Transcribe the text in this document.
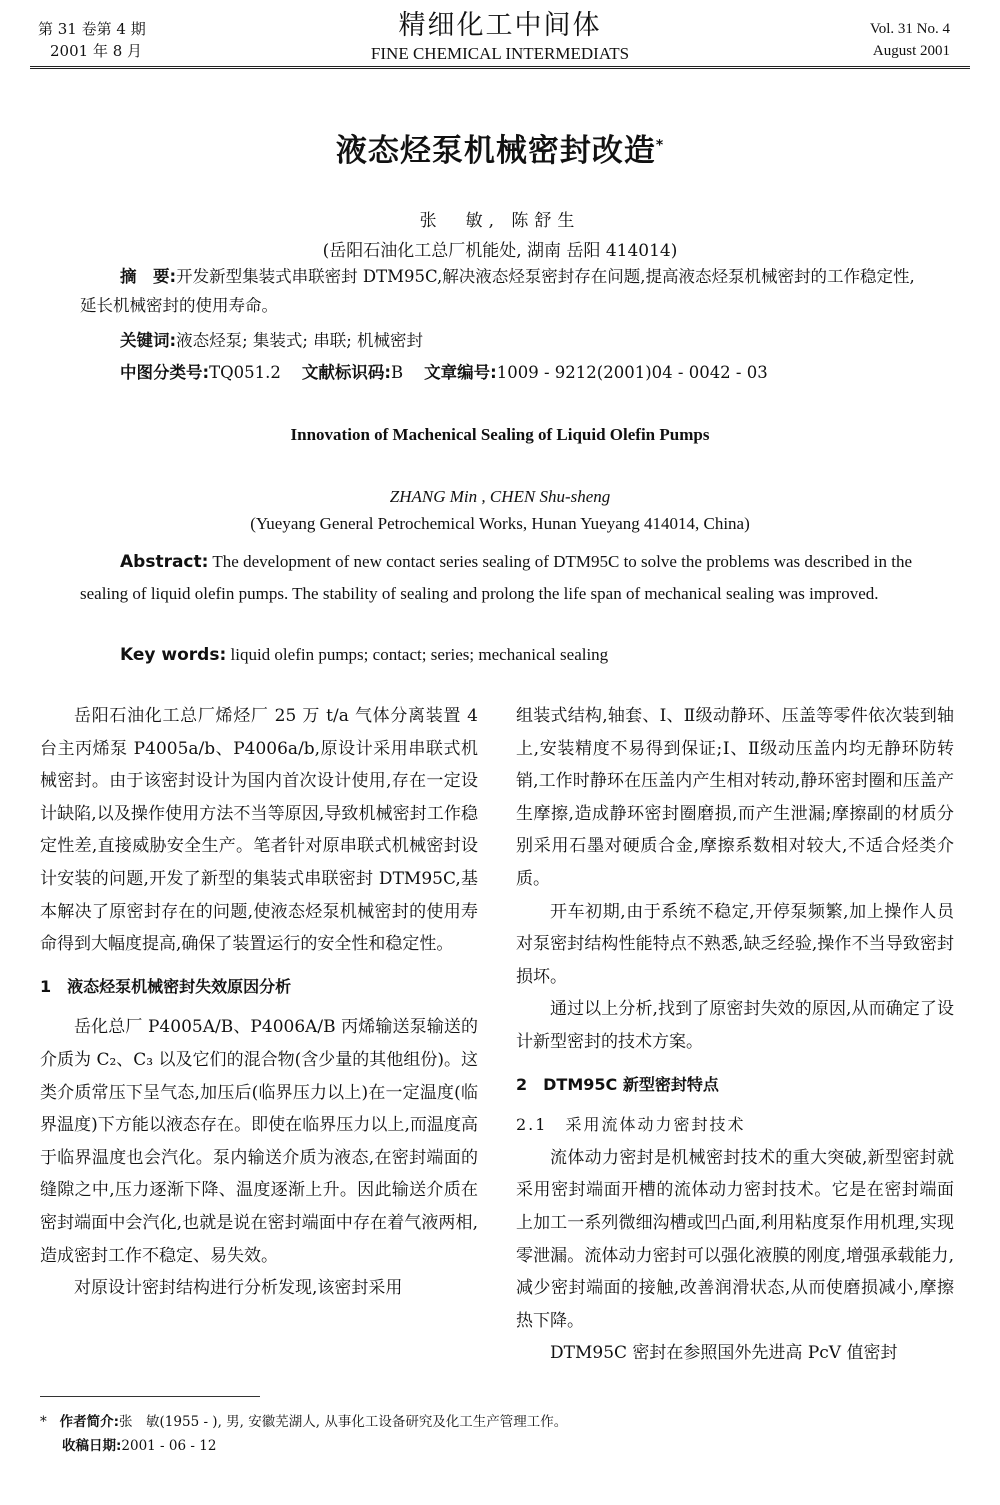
第 31 卷第 4 期
2001 年 8 月
精细化工中间体
FINE CHEMICAL INTERMEDIATS
Vol. 31 No. 4
August 2001
液态烃泵机械密封改造*
张　敏, 陈舒生
(岳阳石油化工总厂机能处, 湖南 岳阳 414014)
摘　要:开发新型集装式串联密封 DTM95C,解决液态烃泵密封存在问题,提高液态烃泵机械密封的工作稳定性,延长机械密封的使用寿命。
关键词:液态烃泵; 集装式; 串联; 机械密封
中图分类号:TQ051.2 文献标识码:B 文章编号:1009 - 9212(2001)04 - 0042 - 03
Innovation of Machenical Sealing of Liquid Olefin Pumps
ZHANG Min , CHEN Shu-sheng
(Yueyang General Petrochemical Works, Hunan Yueyang 414014, China)
Abstract: The development of new contact series sealing of DTM95C to solve the problems was described in the sealing of liquid olefin pumps. The stability of sealing and prolong the life span of mechanical sealing was improved.
Key words: liquid olefin pumps; contact; series; mechanical sealing

岳阳石油化工总厂烯烃厂 25 万 t/a 气体分离装置 4 台主丙烯泵 P4005a/b、P4006a/b,原设计采用串联式机械密封。由于该密封设计为国内首次设计使用,存在一定设计缺陷,以及操作使用方法不当等原因,导致机械密封工作稳定性差,直接威胁安全生产。笔者针对原串联式机械密封设计安装的问题,开发了新型的集装式串联密封 DTM95C,基本解决了原密封存在的问题,使液态烃泵机械密封的使用寿命得到大幅度提高,确保了装置运行的安全性和稳定性。

1　液态烃泵机械密封失效原因分析

岳化总厂 P4005A/B、P4006A/B 丙烯输送泵输送的介质为 C₂、C₃ 以及它们的混合物(含少量的其他组份)。这类介质常压下呈气态,加压后(临界压力以上)在一定温度(临界温度)下方能以液态存在。即使在临界压力以上,而温度高于临界温度也会汽化。泵内输送介质为液态,在密封端面的缝隙之中,压力逐渐下降、温度逐渐上升。因此输送介质在密封端面中会汽化,也就是说在密封端面中存在着气液两相,造成密封工作不稳定、易失效。

对原设计密封结构进行分析发现,该密封采用

组装式结构,轴套、Ⅰ、Ⅱ级动静环、压盖等零件依次装到轴上,安装精度不易得到保证;Ⅰ、Ⅱ级动压盖内均无静环防转销,工作时静环在压盖内产生相对转动,静环密封圈和压盖产生摩擦,造成静环密封圈磨损,而产生泄漏;摩擦副的材质分别采用石墨对硬质合金,摩擦系数相对较大,不适合烃类介质。

开车初期,由于系统不稳定,开停泵频繁,加上操作人员对泵密封结构性能特点不熟悉,缺乏经验,操作不当导致密封损坏。

通过以上分析,找到了原密封失效的原因,从而确定了设计新型密封的技术方案。

2　DTM95C 新型密封特点

2.1　采用流体动力密封技术

流体动力密封是机械密封技术的重大突破,新型密封就采用密封端面开槽的流体动力密封技术。它是在密封端面上加工一系列微细沟槽或凹凸面,利用粘度泵作用机理,实现零泄漏。流体动力密封可以强化液膜的刚度,增强承载能力,减少密封端面的接触,改善润滑状态,从而使磨损减小,摩擦热下降。

DTM95C 密封在参照国外先进高 PcV 值密封

* 作者简介:张　敏(1955 - ), 男, 安徽芜湖人, 从事化工设备研究及化工生产管理工作。
收稿日期:2001 - 06 - 12
